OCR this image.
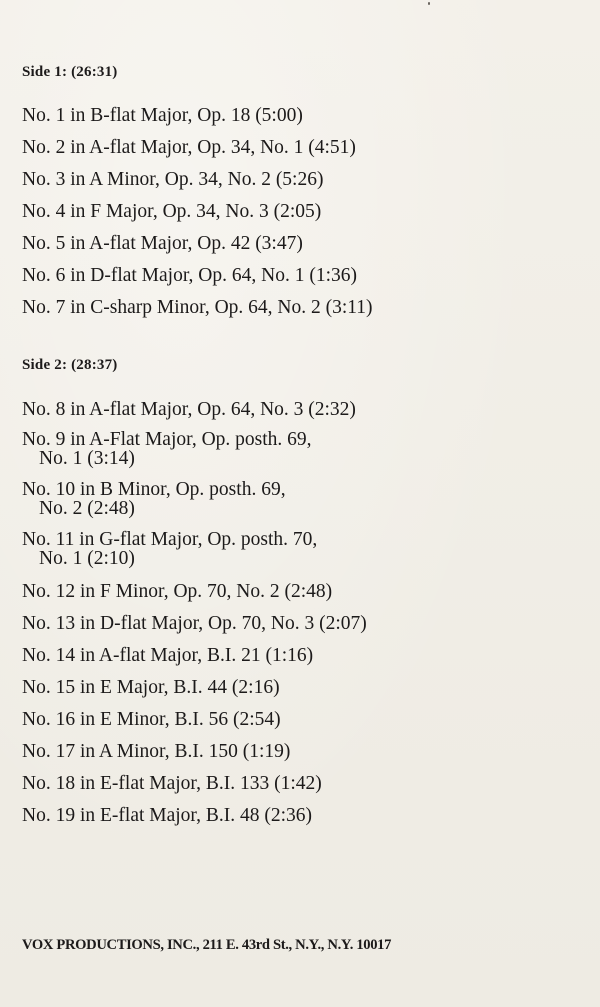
Side 1: (26:31)
No. 1 in B-flat Major, Op. 18 (5:00)
No. 2 in A-flat Major, Op. 34, No. 1 (4:51)
No. 3 in A Minor, Op. 34, No. 2 (5:26)
No. 4 in F Major, Op. 34, No. 3 (2:05)
No. 5 in A-flat Major, Op. 42 (3:47)
No. 6 in D-flat Major, Op. 64, No. 1 (1:36)
No. 7 in C-sharp Minor, Op. 64, No. 2 (3:11)
Side 2: (28:37)
No. 8 in A-flat Major, Op. 64, No. 3 (2:32)
No. 9 in A-Flat Major, Op. posth. 69,
No. 1 (3:14)
No. 10 in B Minor, Op. posth. 69,
No. 2 (2:48)
No. 11 in G-flat Major, Op. posth. 70,
No. 1 (2:10)
No. 12 in F Minor, Op. 70, No. 2 (2:48)
No. 13 in D-flat Major, Op. 70, No. 3 (2:07)
No. 14 in A-flat Major, B.I. 21 (1:16)
No. 15 in E Major, B.I. 44 (2:16)
No. 16 in E Minor, B.I. 56 (2:54)
No. 17 in A Minor, B.I. 150 (1:19)
No. 18 in E-flat Major, B.I. 133 (1:42)
No. 19 in E-flat Major, B.I. 48 (2:36)
VOX PRODUCTIONS, INC., 211 E. 43rd St., N.Y., N.Y. 10017
